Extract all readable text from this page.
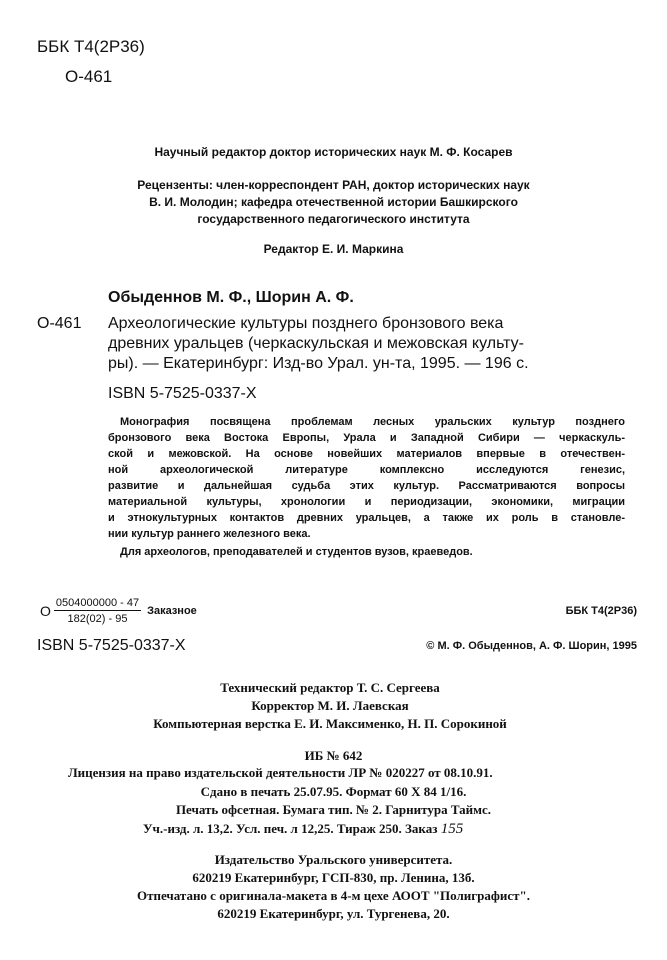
ББК Т4(2Р36)
О-461
Научный редактор доктор исторических наук М. Ф. Косарев
Рецензенты: член-корреспондент РАН, доктор исторических наук
В. И. Молодин; кафедра отечественной истории Башкирского
государственного педагогического института
Редактор Е. И. Маркина
Обыденнов М. Ф., Шорин А. Ф.
О-461 Археологические культуры позднего бронзового века
древних уральцев (черкаскульская и межовская культу-
ры). — Екатеринбург: Изд-во Урал. ун-та, 1995. — 196 с.
ISBN 5-7525-0337-X
Монография посвящена проблемам лесных уральских культур позднего
бронзового века Востока Европы, Урала и Западной Сибири — черкаскуль-
ской и межовской. На основе новейших материалов впервые в отечествен-
ной археологической литературе комплексно исследуются генезис,
развитие и дальнейшая судьба этих культур. Рассматриваются вопросы
материальной культуры, хронологии и периодизации, экономики, миграции
и этнокультурных контактов древних уральцев, а также их роль в становле-
нии культур раннего железного века.
Для археологов, преподавателей и студентов вузов, краеведов.
О $\frac{0504000000 - 47}{182(02) - 95}$ Заказное	ББК Т4(2Р36)
ISBN 5-7525-0337-X	© М. Ф. Обыденнов, А. Ф. Шорин, 1995
Технический редактор Т. С. Сергеева
Корректор М. И. Лаевская
Компьютерная верстка Е. И. Максименко, Н. П. Сорокиной
ИБ № 642
Лицензия на право издательской деятельности ЛР № 020227 от 08.10.91.
Сдано в печать 25.07.95. Формат 60 X 84 1/16.
Печать офсетная. Бумага тип. № 2. Гарнитура Таймс.
Уч.-изд. л. 13,2. Усл. печ. л 12,25. Тираж 250. Заказ 155
Издательство Уральского университета.
620219 Екатеринбург, ГСП-830, пр. Ленина, 13б.
Отпечатано с оригинала-макета в 4-м цехе АООТ "Полиграфист".
620219 Екатеринбург, ул. Тургенева, 20.
